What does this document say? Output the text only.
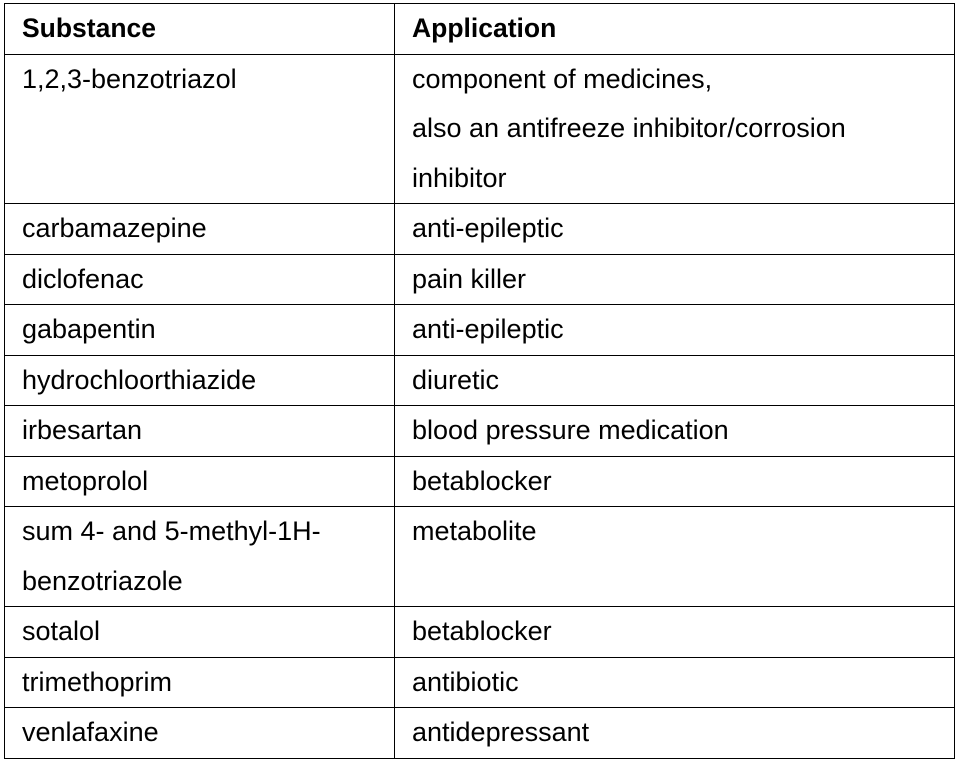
Substance	Application
1,2,3-benzotriazol	component of medicines,
also an antifreeze inhibitor/corrosion
inhibitor
carbamazepine	anti-epileptic
diclofenac	pain killer
gabapentin	anti-epileptic
hydrochloorthiazide	diuretic
irbesartan	blood pressure medication
metoprolol	betablocker
sum 4- and 5-methyl-1H-
benzotriazole	metabolite
sotalol	betablocker
trimethoprim	antibiotic
venlafaxine	antidepressant
